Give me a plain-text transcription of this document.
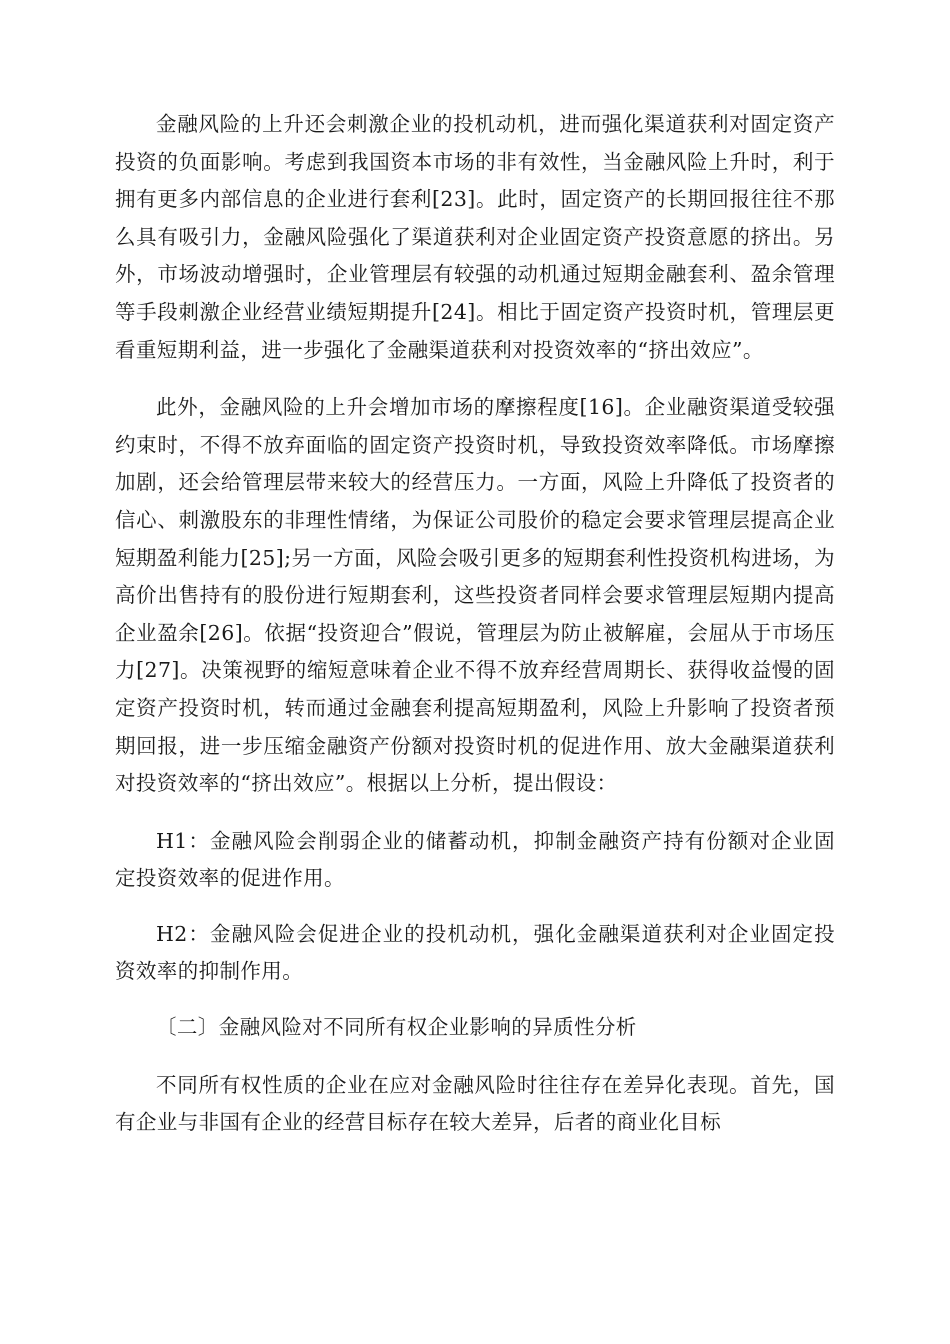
金融风险的上升还会刺激企业的投机动机，进而强化渠道获利对固定资产投资的负面影响。考虑到我国资本市场的非有效性，当金融风险上升时，利于拥有更多内部信息的企业进行套利[23]。此时，固定资产的长期回报往往不那么具有吸引力，金融风险强化了渠道获利对企业固定资产投资意愿的挤出。另外，市场波动增强时，企业管理层有较强的动机通过短期金融套利、盈余管理等手段刺激企业经营业绩短期提升[24]。相比于固定资产投资时机，管理层更看重短期利益，进一步强化了金融渠道获利对投资效率的“挤出效应”。

此外，金融风险的上升会增加市场的摩擦程度[16]。企业融资渠道受较强约束时，不得不放弃面临的固定资产投资时机，导致投资效率降低。市场摩擦加剧，还会给管理层带来较大的经营压力。一方面，风险上升降低了投资者的信心、刺激股东的非理性情绪，为保证公司股价的稳定会要求管理层提高企业短期盈利能力[25];另一方面，风险会吸引更多的短期套利性投资机构进场，为高价出售持有的股份进行短期套利，这些投资者同样会要求管理层短期内提高企业盈余[26]。依据“投资迎合”假说，管理层为防止被解雇，会屈从于市场压力[27]。决策视野的缩短意味着企业不得不放弃经营周期长、获得收益慢的固定资产投资时机，转而通过金融套利提高短期盈利，风险上升影响了投资者预期回报，进一步压缩金融资产份额对投资时机的促进作用、放大金融渠道获利对投资效率的“挤出效应”。根据以上分析，提出假设：

H1：金融风险会削弱企业的储蓄动机，抑制金融资产持有份额对企业固定投资效率的促进作用。

H2：金融风险会促进企业的投机动机，强化金融渠道获利对企业固定投资效率的抑制作用。

〔二〕金融风险对不同所有权企业影响的异质性分析

不同所有权性质的企业在应对金融风险时往往存在差异化表现。首先，国有企业与非国有企业的经营目标存在较大差异，后者的商业化目标
